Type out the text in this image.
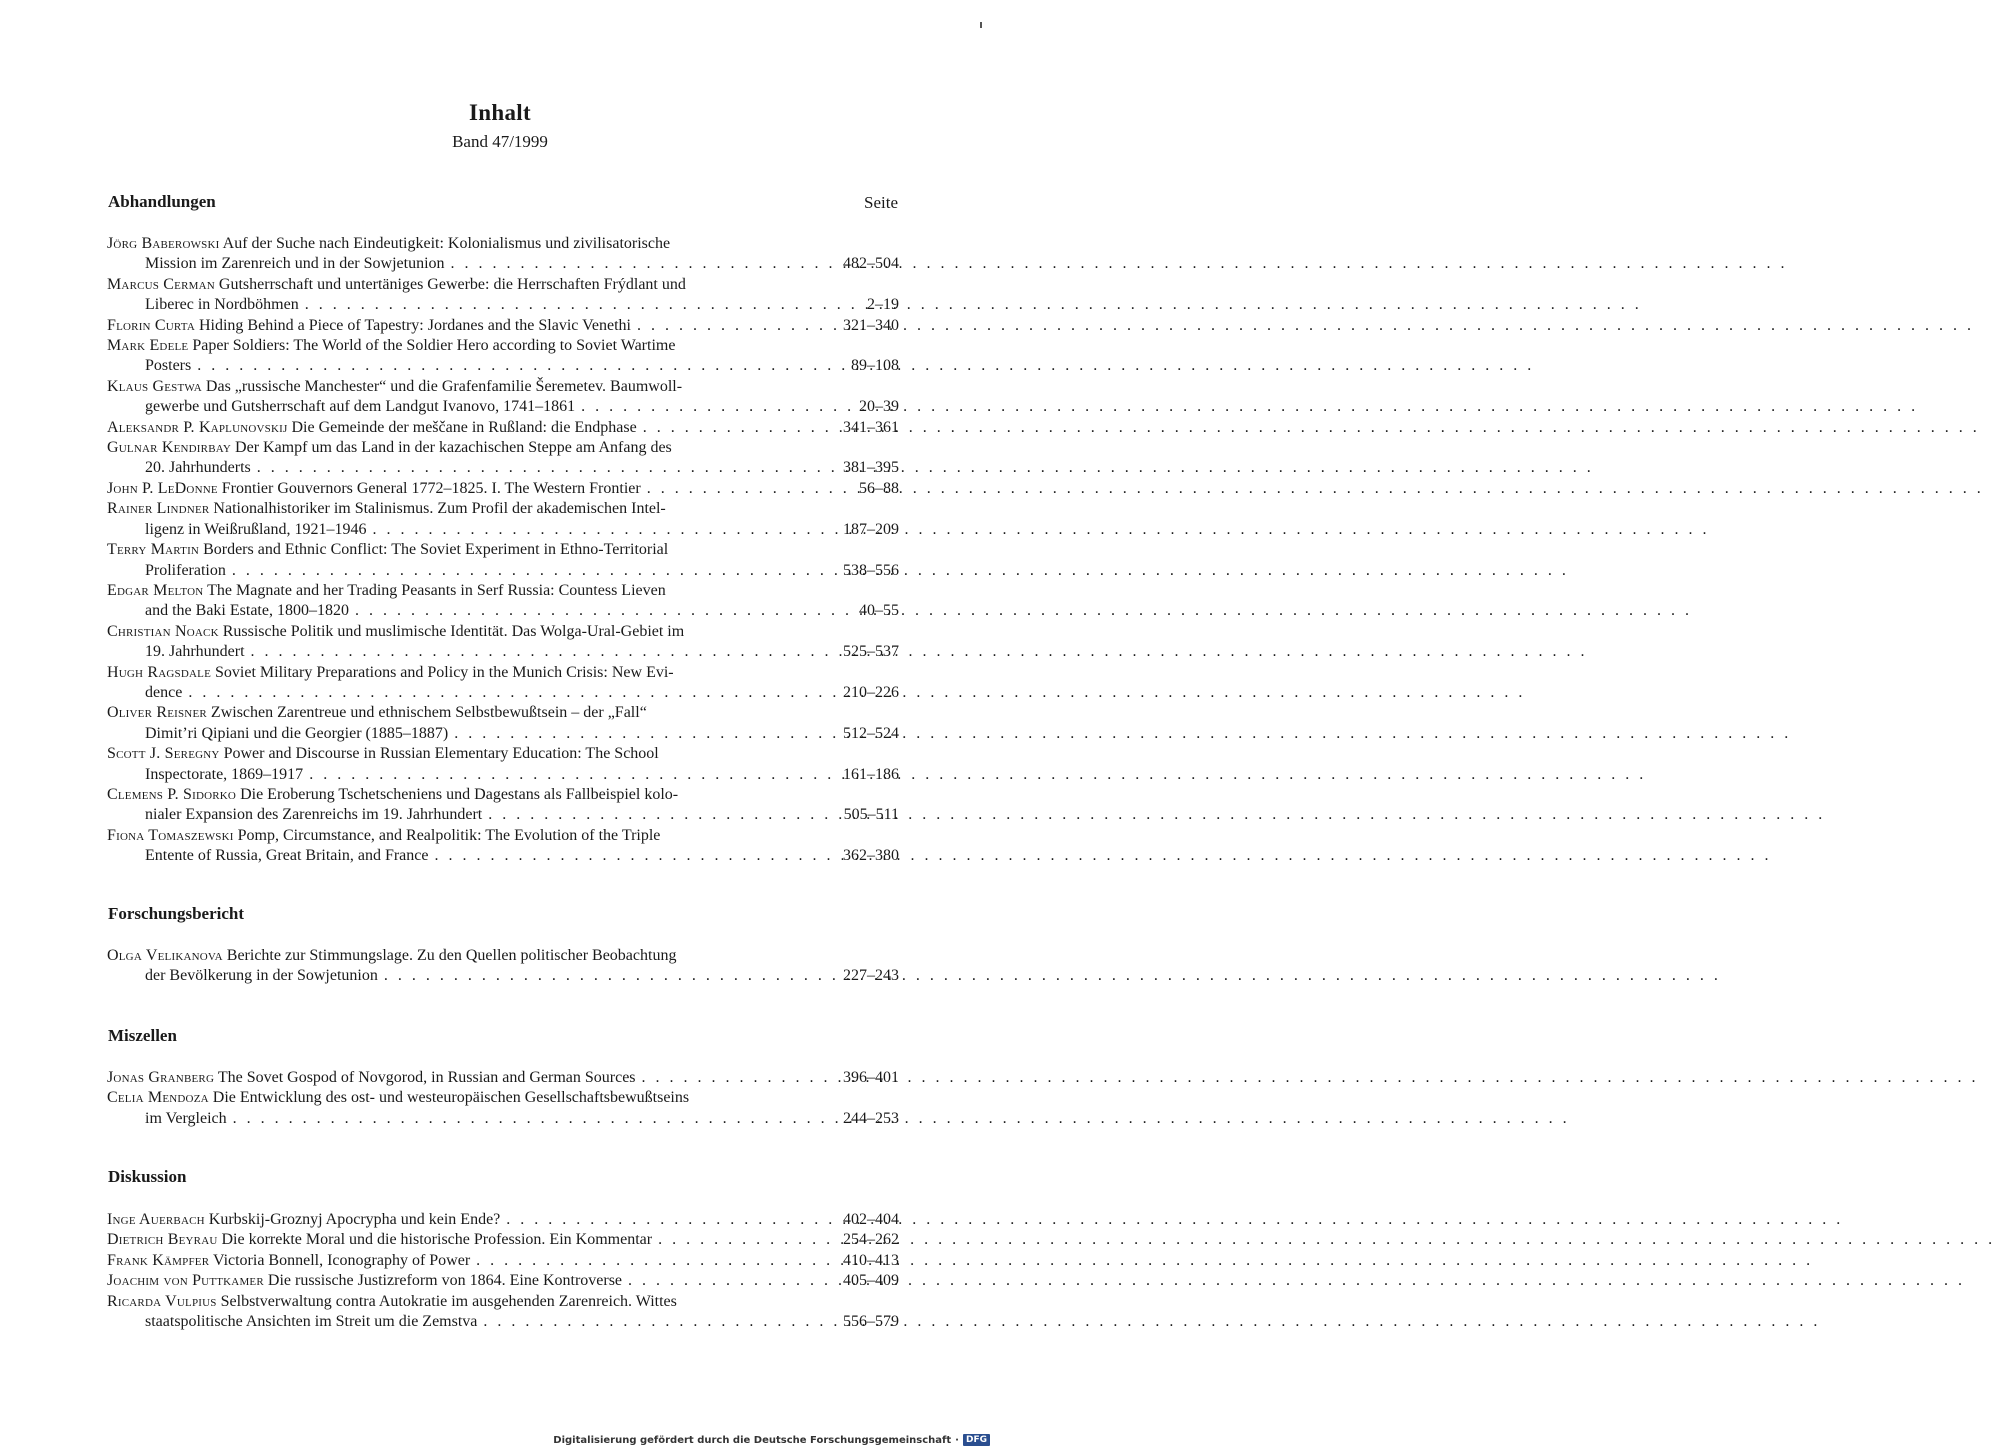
Inhalt
Band 47/1999
Abhandlungen	Seite
Jörg Baberowski Auf der Suche nach Eindeutigkeit: Kolonialismus und zivilisatorische
Mission im Zarenreich und in der Sowjetunion . . .	482–504
Marcus Cerman Gutsherrschaft und untertäniges Gewerbe: die Herrschaften Frýdlant und
Liberec in Nordböhmen . . .	2–19
Florin Curta Hiding Behind a Piece of Tapestry: Jordanes and the Slavic Venethi . . .	321–340
Mark Edele Paper Soldiers: The World of the Soldier Hero according to Soviet Wartime
Posters . . .	89–108
Klaus Gestwa Das „russische Manchester“ und die Grafenfamilie Šeremetev. Baumwoll-
gewerbe und Gutsherrschaft auf dem Landgut Ivanovo, 1741–1861 . . .	20–39
Aleksandr P. Kaplunovskij Die Gemeinde der meščane in Rußland: die Endphase . . .	341–361
Gulnar Kendirbay Der Kampf um das Land in der kazachischen Steppe am Anfang des
20. Jahrhunderts . . .	381–395
John P. LeDonne Frontier Gouvernors General 1772–1825. I. The Western Frontier . . .	56–88
Rainer Lindner Nationalhistoriker im Stalinismus. Zum Profil der akademischen Intel-
ligenz in Weißrußland, 1921–1946 . . .	187–209
Terry Martin Borders and Ethnic Conflict: The Soviet Experiment in Ethno-Territorial
Proliferation . . .	538–556
Edgar Melton The Magnate and her Trading Peasants in Serf Russia: Countess Lieven
and the Baki Estate, 1800–1820 . . .	40–55
Christian Noack Russische Politik und muslimische Identität. Das Wolga-Ural-Gebiet im
19. Jahrhundert . . .	525–537
Hugh Ragsdale Soviet Military Preparations and Policy in the Munich Crisis: New Evi-
dence . . .	210–226
Oliver Reisner Zwischen Zarentreue und ethnischem Selbstbewußtsein – der „Fall“
Dimit’ri Qipiani und die Georgier (1885–1887) . . .	512–524
Scott J. Seregny Power and Discourse in Russian Elementary Education: The School
Inspectorate, 1869–1917 . . .	161–186
Clemens P. Sidorko Die Eroberung Tschetscheniens und Dagestans als Fallbeispiel kolo-
nialer Expansion des Zarenreichs im 19. Jahrhundert . . .	505–511
Fiona Tomaszewski Pomp, Circumstance, and Realpolitik: The Evolution of the Triple
Entente of Russia, Great Britain, and France . . .	362–380
Forschungsbericht
Olga Velikanova Berichte zur Stimmungslage. Zu den Quellen politischer Beobachtung
der Bevölkerung in der Sowjetunion . . .	227–243
Miszellen
Jonas Granberg The Sovet Gospod of Novgorod, in Russian and German Sources . . .	396–401
Celia Mendoza Die Entwicklung des ost- und westeuropäischen Gesellschaftsbewußtseins
im Vergleich . . .	244–253
Diskussion
Inge Auerbach Kurbskij-Groznyj Apocrypha und kein Ende? . . .	402–404
Dietrich Beyrau Die korrekte Moral und die historische Profession. Ein Kommentar . . .	254–262
Frank Kämpfer Victoria Bonnell, Iconography of Power . . .	410–413
Joachim von Puttkamer Die russische Justizreform von 1864. Eine Kontroverse . . .	405–409
Ricarda Vulpius Selbstverwaltung contra Autokratie im ausgehenden Zarenreich. Wittes
staatspolitische Ansichten im Streit um die Zemstva . . .	556–579
Digitalisierung gefördert durch die Deutsche Forschungsgemeinschaft · DFG
